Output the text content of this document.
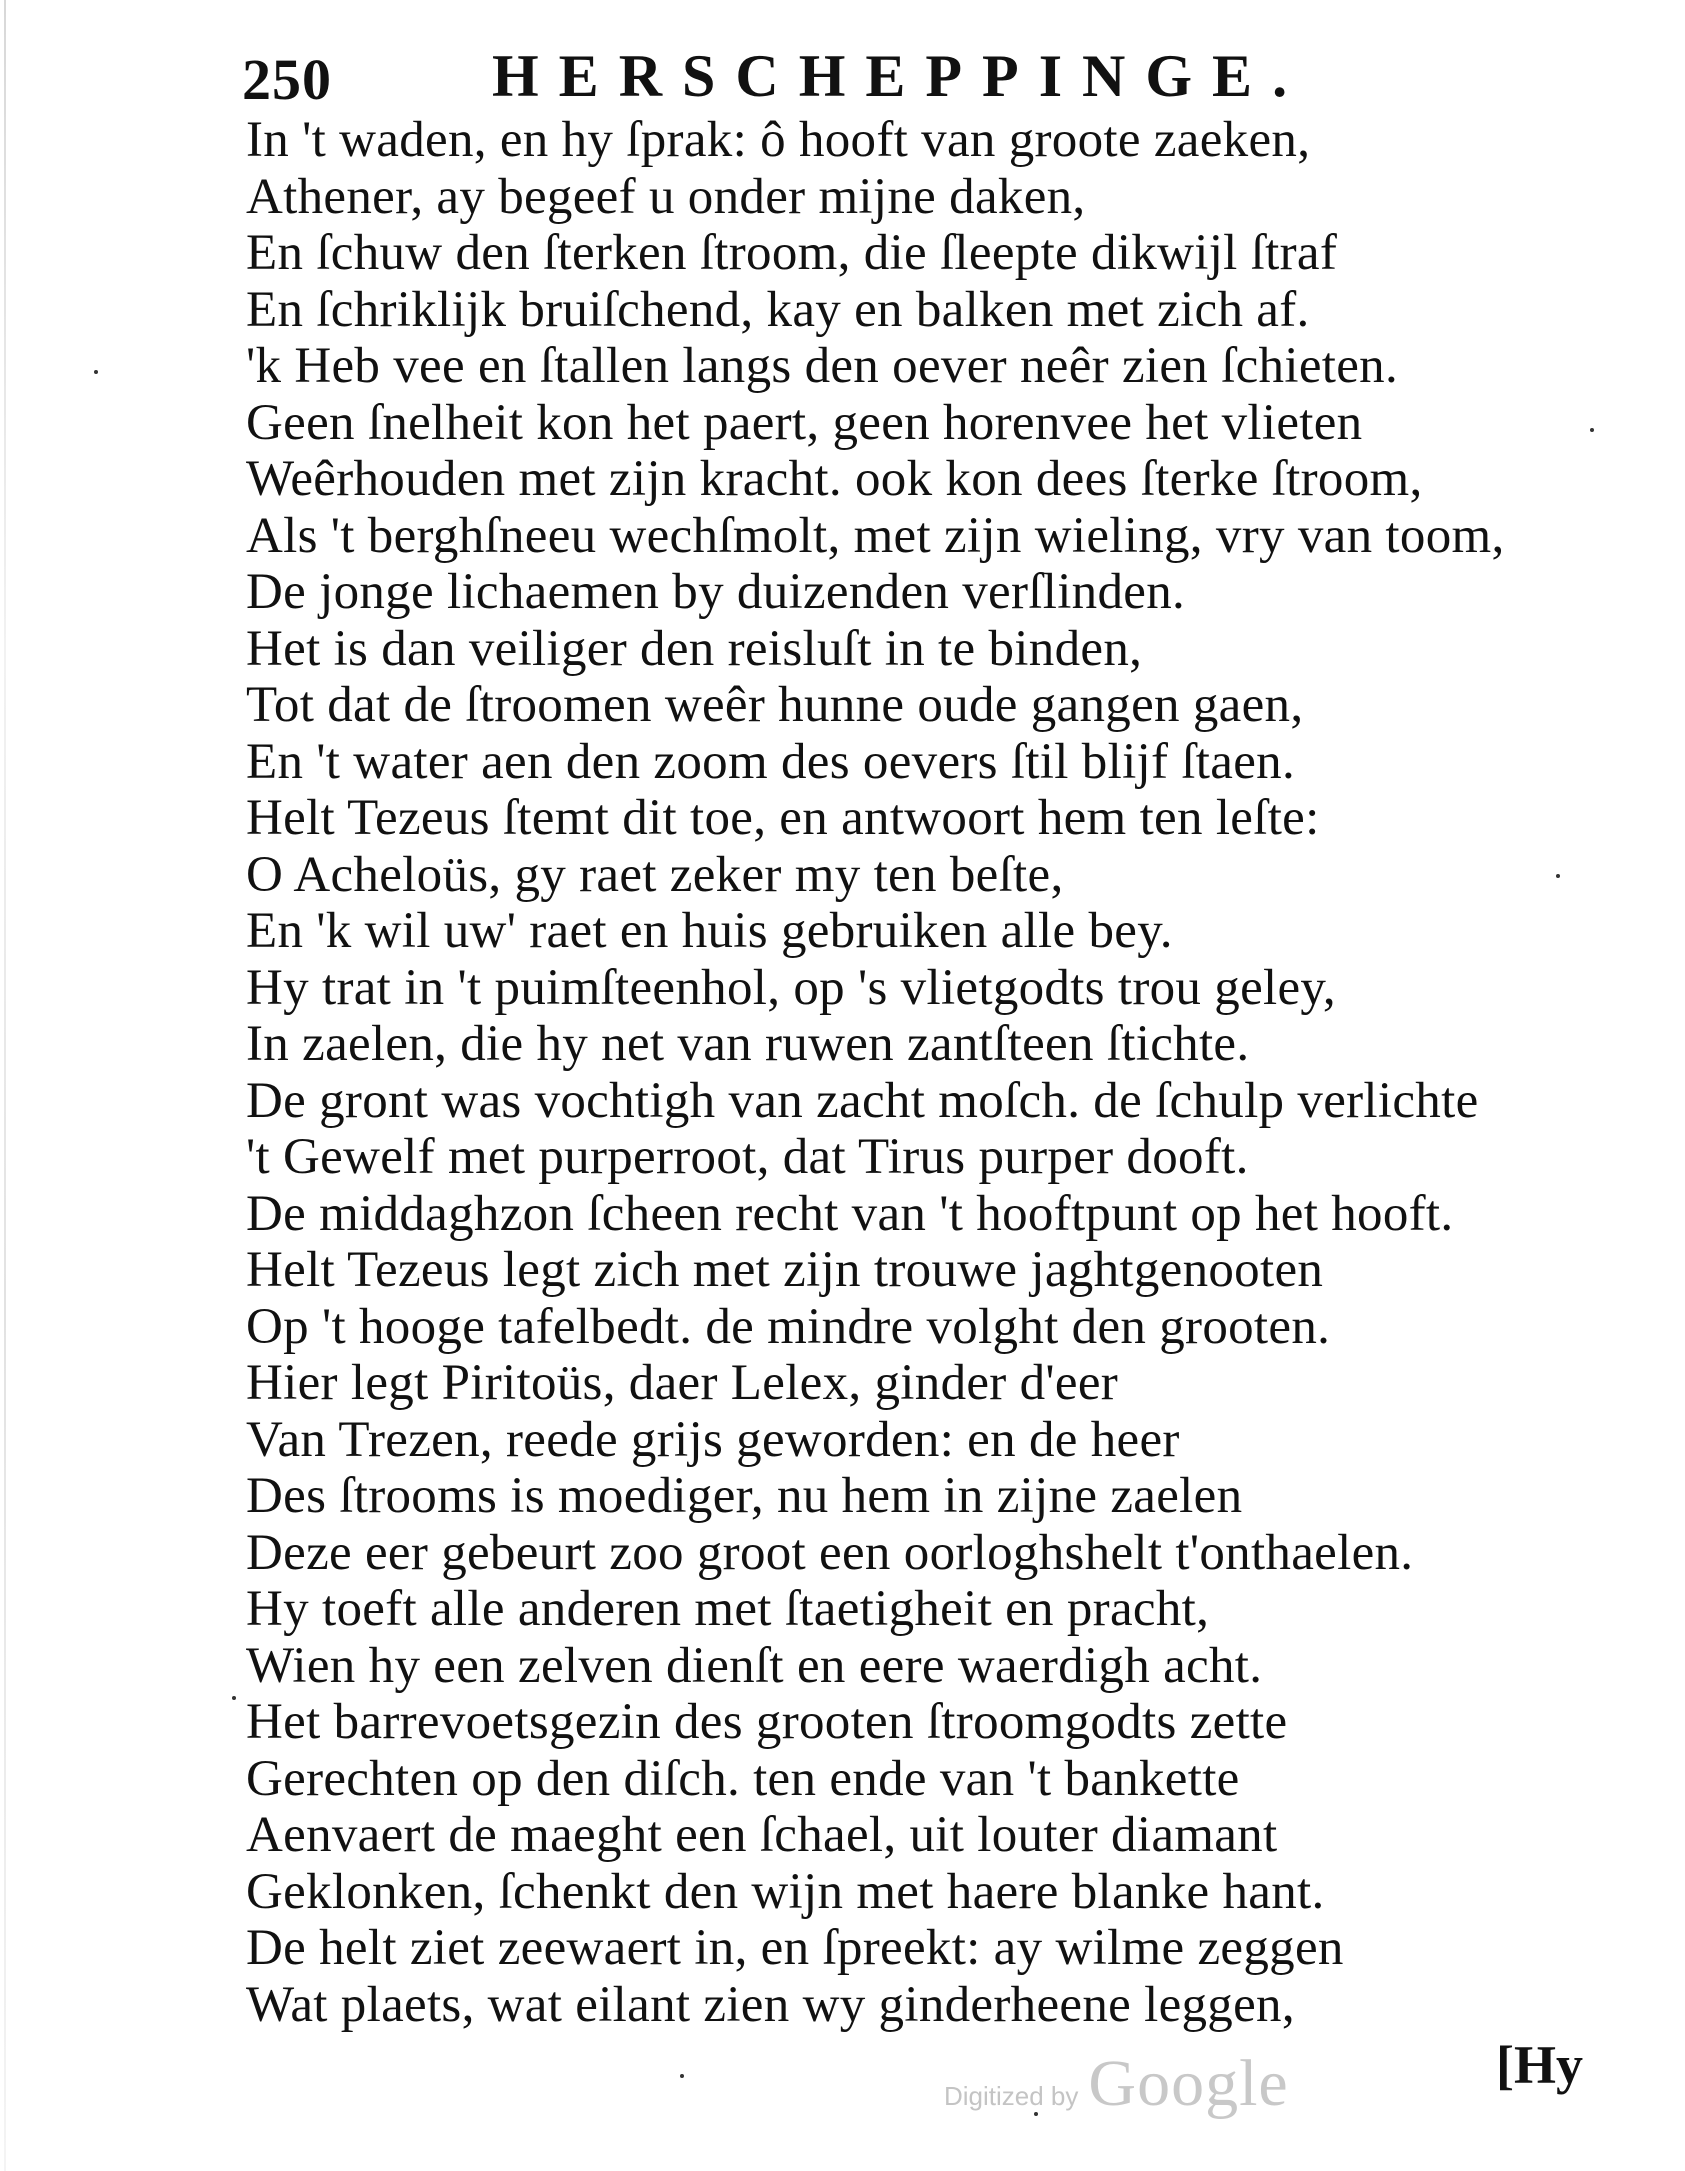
250	HERSCHEPPINGE.
In 't waden, en hy ſprak: ô hooft van groote zaeken,
Athener, ay begeef u onder mijne daken,
En ſchuw den ſterken ſtroom, die ſleepte dikwijl ſtraf
En ſchriklijk bruiſchend, kay en balken met zich af.
'k Heb vee en ſtallen langs den oever neêr zien ſchieten.
Geen ſnelheit kon het paert, geen horenvee het vlieten
Weêrhouden met zijn kracht. ook kon dees ſterke ſtroom,
Als 't berghſneeu wechſmolt, met zijn wieling, vry van toom,
De jonge lichaemen by duizenden verſlinden.
Het is dan veiliger den reisluſt in te binden,
Tot dat de ſtroomen weêr hunne oude gangen gaen,
En 't water aen den zoom des oevers ſtil blijf ſtaen.
Helt Tezeus ſtemt dit toe, en antwoort hem ten leſte:
O Acheloüs, gy raet zeker my ten beſte,
En 'k wil uw' raet en huis gebruiken alle bey.
Hy trat in 't puimſteenhol, op 's vlietgodts trou geley,
In zaelen, die hy net van ruwen zantſteen ſtichte.
De gront was vochtigh van zacht moſch. de ſchulp verlichte
't Gewelf met purperroot, dat Tirus purper dooft.
De middaghzon ſcheen recht van 't hooftpunt op het hooft.
Helt Tezeus legt zich met zijn trouwe jaghtgenooten
Op 't hooge tafelbedt. de mindre volght den grooten.
Hier legt Piritoüs, daer Lelex, ginder d'eer
Van Trezen, reede grijs geworden: en de heer
Des ſtrooms is moediger, nu hem in zijne zaelen
Deze eer gebeurt zoo groot een oorloghshelt t'onthaelen.
Hy toeft alle anderen met ſtaetigheit en pracht,
Wien hy een zelven dienſt en eere waerdigh acht.
Het barrevoetsgezin des grooten ſtroomgodts zette
Gerechten op den diſch. ten ende van 't bankette
Aenvaert de maeght een ſchael, uit louter diamant
Geklonken, ſchenkt den wijn met haere blanke hant.
De helt ziet zeewaert in, en ſpreekt: ay wilme zeggen
Wat plaets, wat eilant zien wy ginderheene leggen,
[Hy
Digitized by Google
